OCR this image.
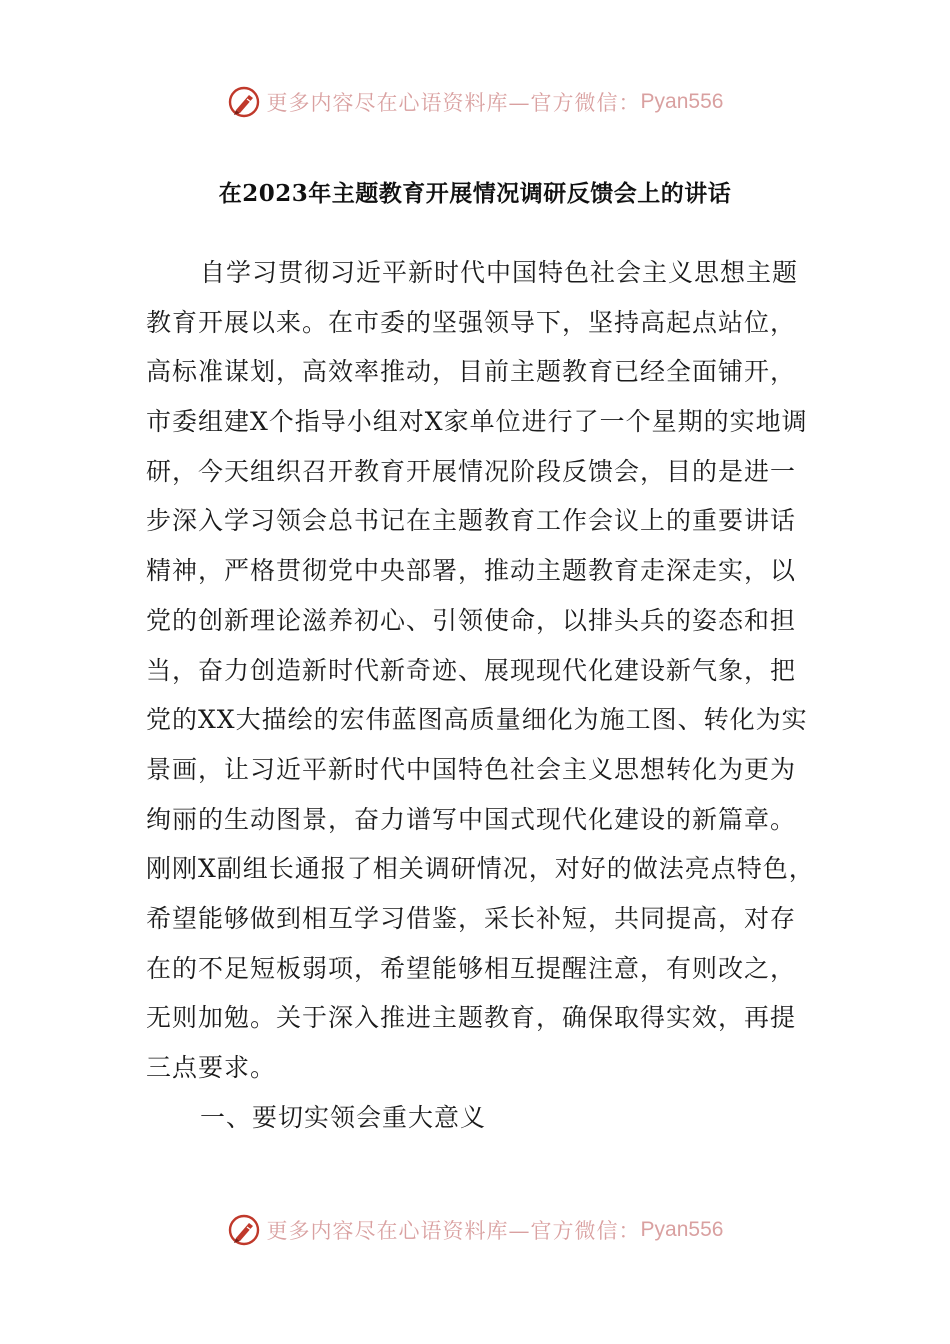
更多内容尽在心语资料库—官方微信： Pyan556
在2023年主题教育开展情况调研反馈会上的讲话
自学习贯彻习近平新时代中国特色社会主义思想主题
教育开展以来。在市委的坚强领导下，坚持高起点站位，
高标准谋划，高效率推动，目前主题教育已经全面铺开，
市委组建X个指导小组对X家单位进行了一个星期的实地调
研，今天组织召开教育开展情况阶段反馈会，目的是进一
步深入学习领会总书记在主题教育工作会议上的重要讲话
精神，严格贯彻党中央部署，推动主题教育走深走实，以
党的创新理论滋养初心、引领使命，以排头兵的姿态和担
当，奋力创造新时代新奇迹、展现现代化建设新气象，把
党的XX大描绘的宏伟蓝图高质量细化为施工图、转化为实
景画，让习近平新时代中国特色社会主义思想转化为更为
绚丽的生动图景，奋力谱写中国式现代化建设的新篇章。
刚刚X副组长通报了相关调研情况，对好的做法亮点特色，
希望能够做到相互学习借鉴，采长补短，共同提高，对存
在的不足短板弱项，希望能够相互提醒注意，有则改之，
无则加勉。关于深入推进主题教育，确保取得实效，再提
三点要求。
一、要切实领会重大意义
更多内容尽在心语资料库—官方微信： Pyan556
